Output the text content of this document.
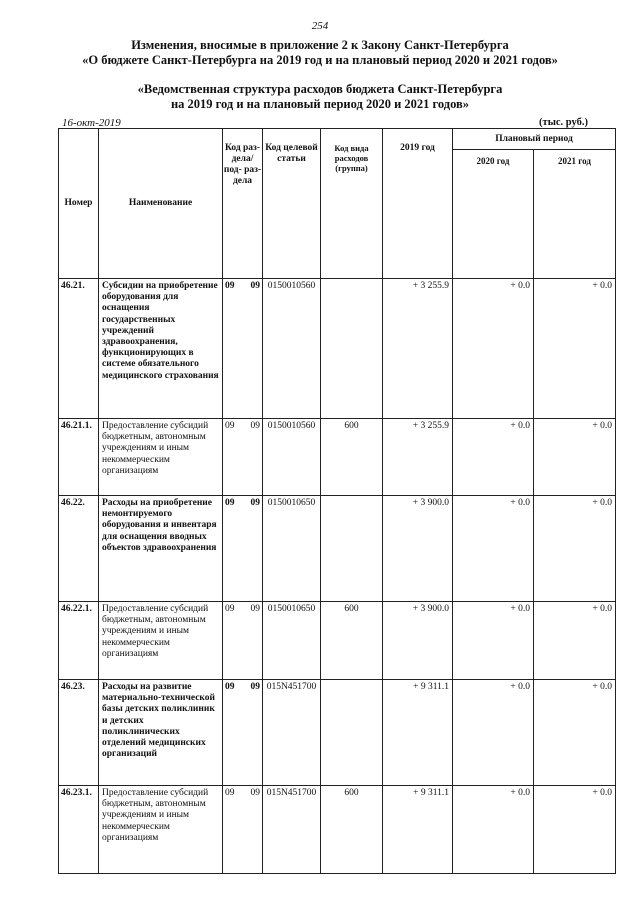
254
Изменения, вносимые в приложение 2 к Закону Санкт-Петербурга
«О бюджете Санкт-Петербурга на 2019 год и на плановый период 2020 и 2021 годов»
«Ведомственная структура расходов бюджета Санкт-Петербурга
на 2019 год и на плановый период 2020 и 2021 годов»
16-окт-2019	(тыс. руб.)
Номер	Наименование	Код раз- дела/ под- раз- дела	Код целевой статьи	Код вида расходов (группа)	2019 год	Плановый период	
						2020 год	2021 год
46.21.	Субсидии на приобретение оборудования для оснащения государственных учреждений здравоохранения, функционирующих в системе обязательного медицинского страхования	09 09	0150010560		+ 3 255.9	+ 0.0	+ 0.0
46.21.1.	Предоставление субсидий бюджетным, автономным учреждениям и иным некоммерческим организациям	09 09	0150010560	600	+ 3 255.9	+ 0.0	+ 0.0
46.22.	Расходы на приобретение немонтируемого оборудования и инвентаря для оснащения вводных объектов здравоохранения	09 09	0150010650		+ 3 900.0	+ 0.0	+ 0.0
46.22.1.	Предоставление субсидий бюджетным, автономным учреждениям и иным некоммерческим организациям	09 09	0150010650	600	+ 3 900.0	+ 0.0	+ 0.0
46.23.	Расходы на развитие материально-технической базы детских поликлиник и детских поликлинических отделений медицинских организаций	09 09	015N451700		+ 9 311.1	+ 0.0	+ 0.0
46.23.1.	Предоставление субсидий бюджетным, автономным учреждениям и иным некоммерческим организациям	09 09	015N451700	600	+ 9 311.1	+ 0.0	+ 0.0
